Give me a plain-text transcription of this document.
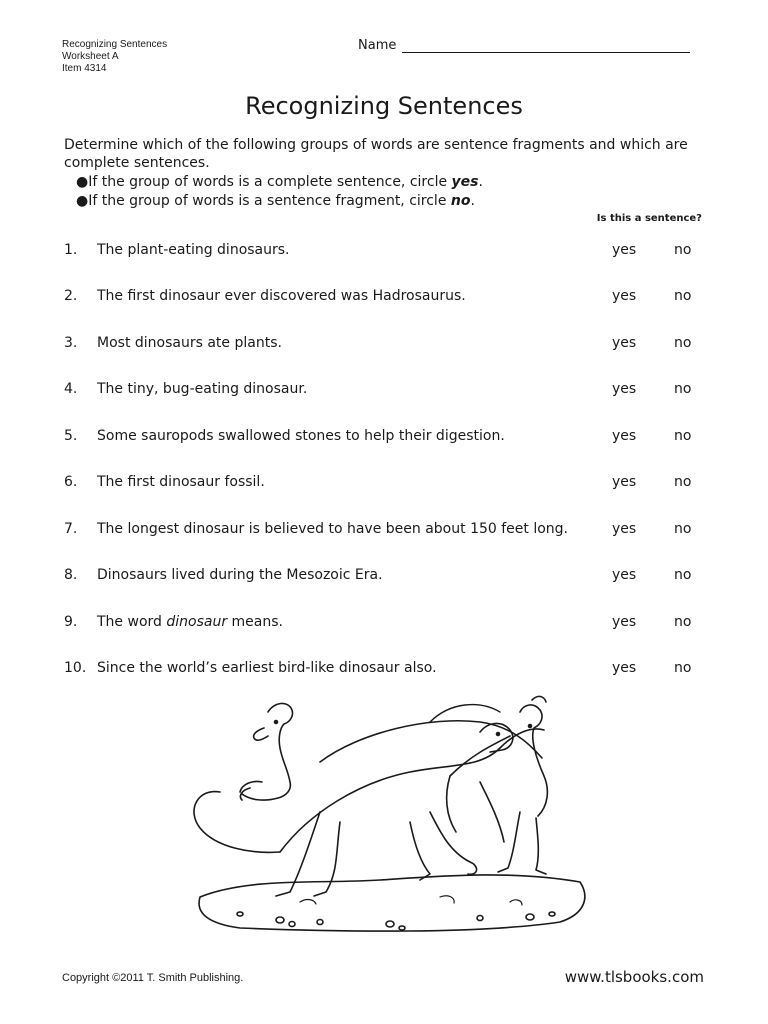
Recognizing Sentences
Worksheet A
Item 4314
Name
Recognizing Sentences
Determine which of the following groups of words are sentence fragments and which are complete sentences.
●If the group of words is a complete sentence, circle yes.
●If the group of words is a sentence fragment, circle no.
Is this a sentence?
1. The plant-eating dinosaurs.	yes	no
2. The first dinosaur ever discovered was Hadrosaurus.	yes	no
3. Most dinosaurs ate plants.	yes	no
4. The tiny, bug-eating dinosaur.	yes	no
5. Some sauropods swallowed stones to help their digestion.	yes	no
6. The first dinosaur fossil.	yes	no
7. The longest dinosaur is believed to have been about 150 feet long.	yes	no
8. Dinosaurs lived during the Mesozoic Era.	yes	no
9. The word dinosaur means.	yes	no
10. Since the world’s earliest bird-like dinosaur also.	yes	no
Copyright ©2011 T. Smith Publishing.	www.tlsbooks.com
